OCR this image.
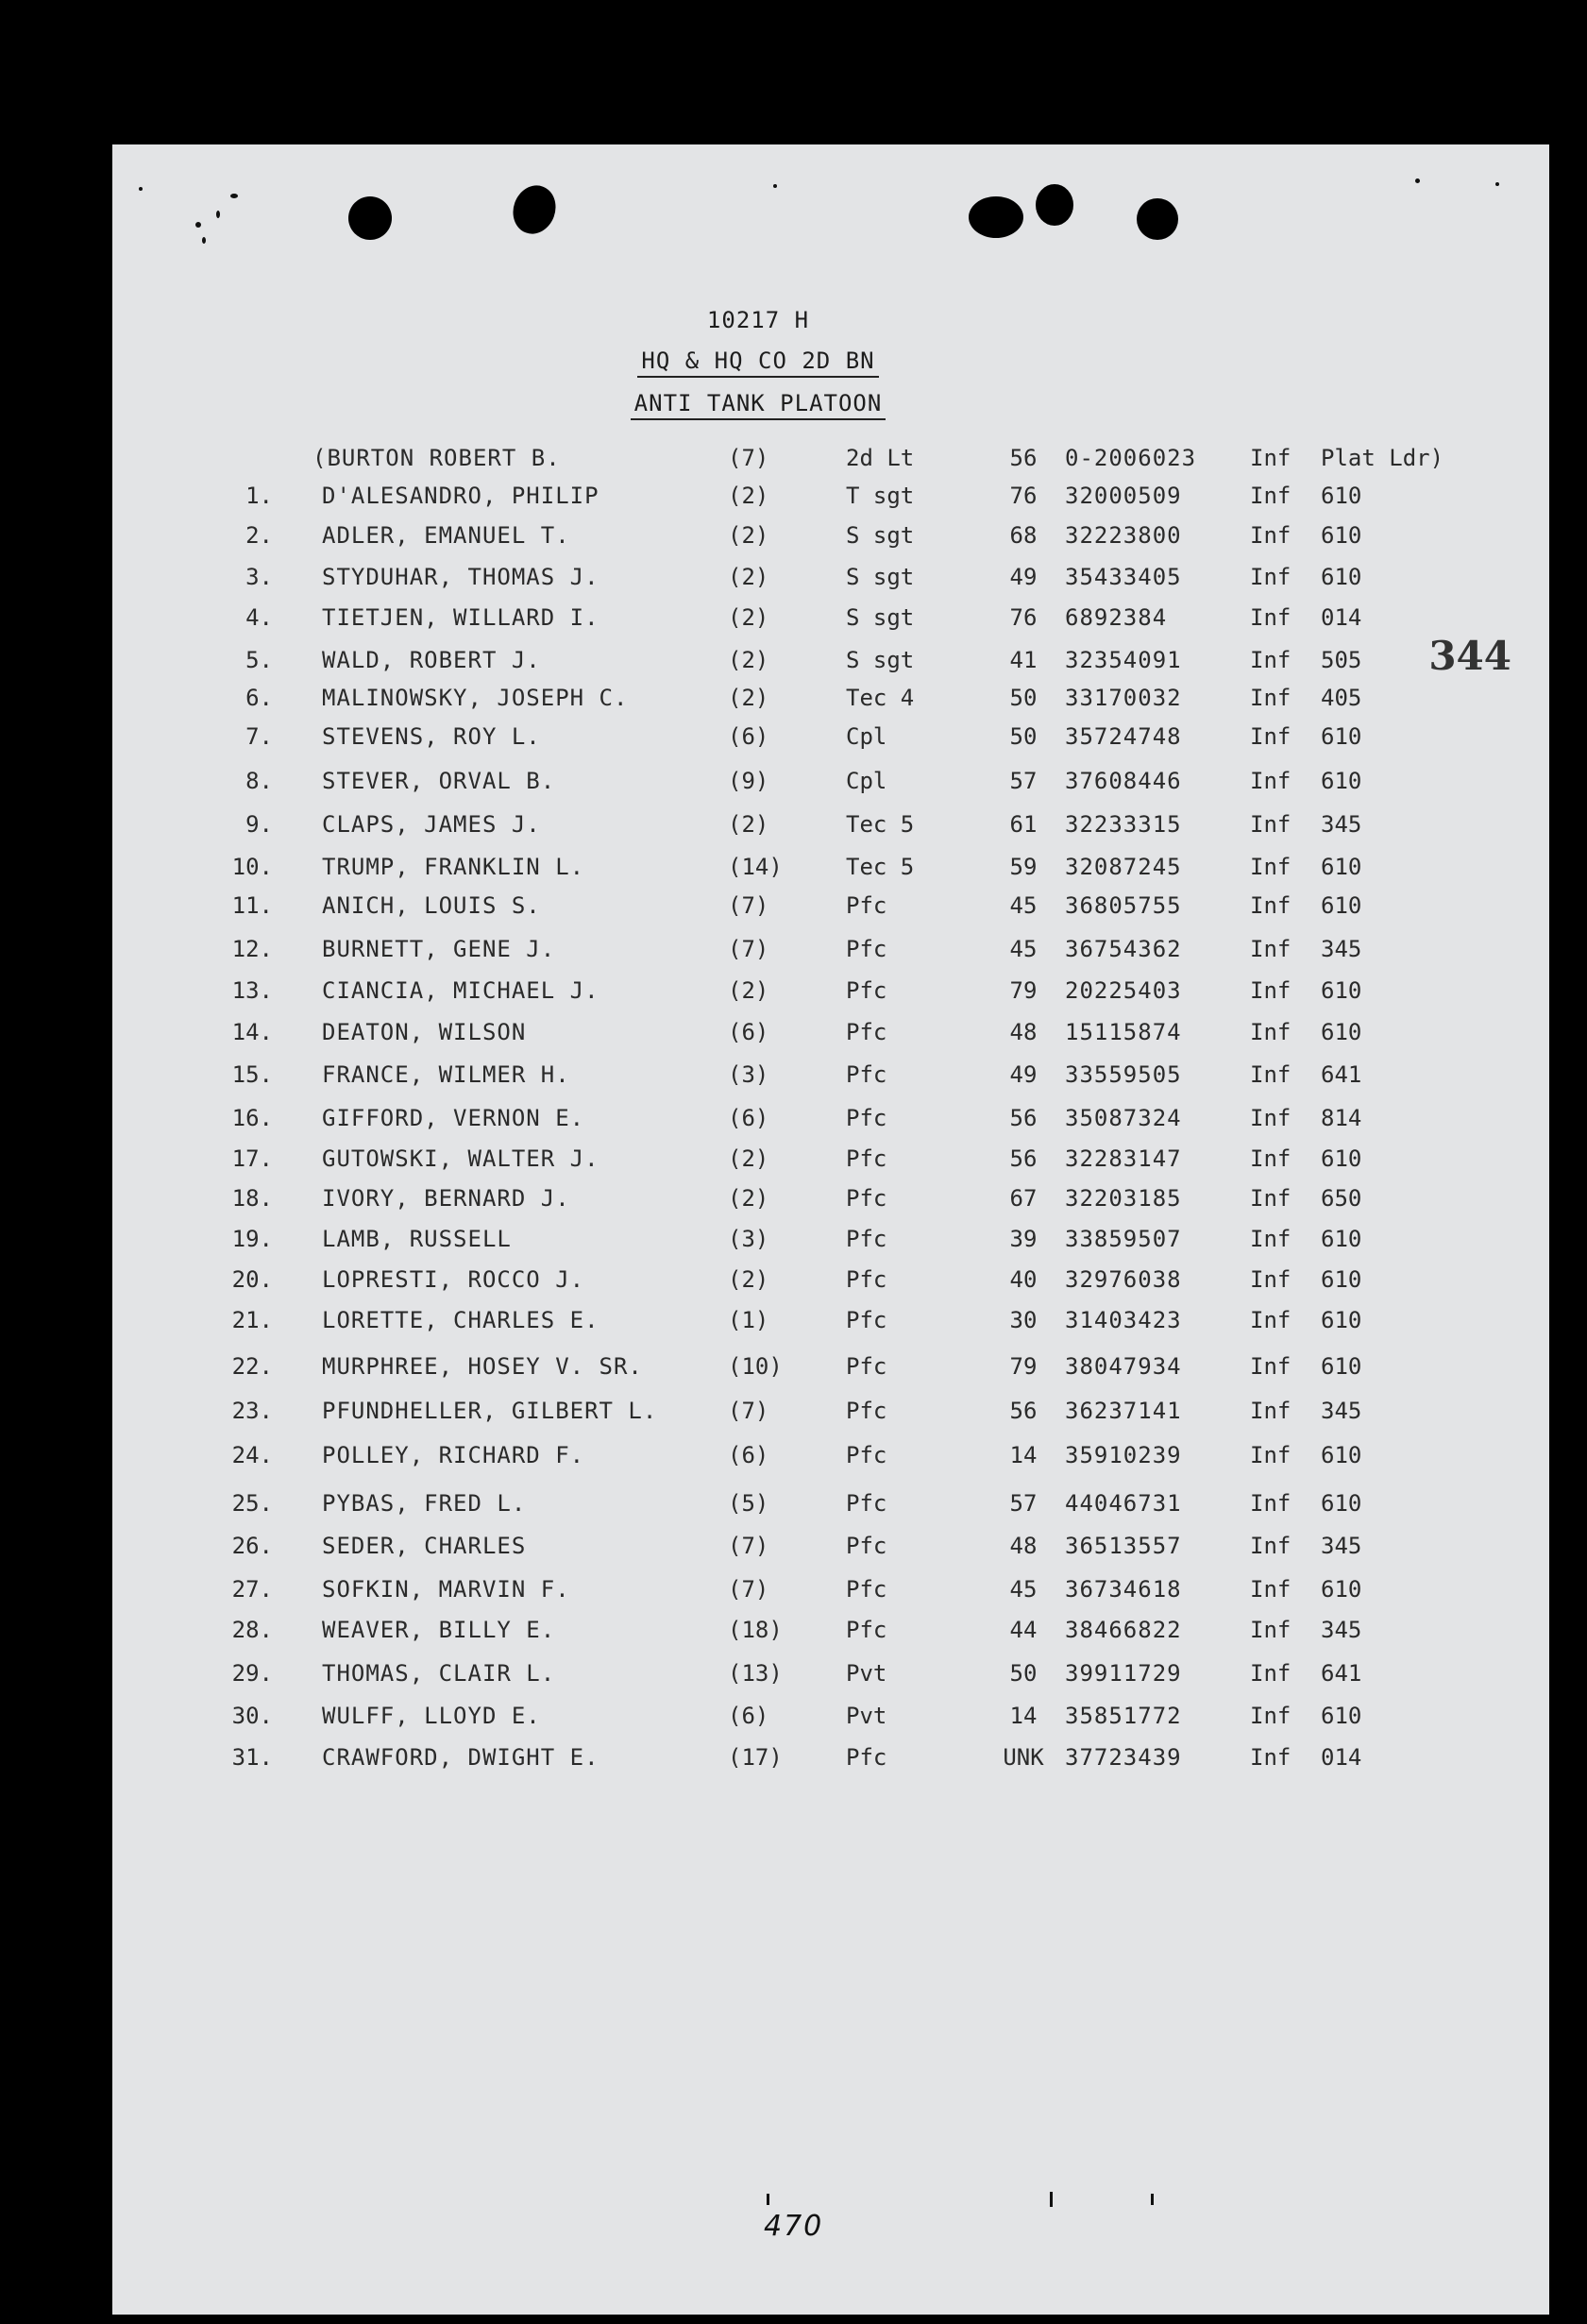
10217 H
HQ & HQ CO 2D BN
ANTI TANK PLATOON
(BURTON ROBERT B.	(7)	2d Lt	56	0-2006023 Inf Plat Ldr)
1. D'ALESANDRO, PHILIP	(2)	T sgt	76	32000509	Inf 610
2. ADLER, EMANUEL T.	(2)	S sgt	68	32223800	Inf 610
3. STYDUHAR, THOMAS J.	(2)	S sgt	49	35433405	Inf 610
4. TIETJEN, WILLARD I.	(2)	S sgt	76	6892384	Inf 014
5. WALD, ROBERT J.	(2)	S sgt	41	32354091	Inf 505
6. MALINOWSKY, JOSEPH C.	(2)	Tec 4	50	33170032	Inf 405
7. STEVENS, ROY L.	(6)	Cpl	50	35724748	Inf 610
8. STEVER, ORVAL B.	(9)	Cpl	57	37608446	Inf 610
9. CLAPS, JAMES J.	(2)	Tec 5	61	32233315	Inf 345
10. TRUMP, FRANKLIN L.	(14)	Tec 5	59	32087245	Inf 610
11. ANICH, LOUIS S.	(7)	Pfc	45	36805755	Inf 610
12. BURNETT, GENE J.	(7)	Pfc	45	36754362	Inf 345
13. CIANCIA, MICHAEL J.	(2)	Pfc	79	20225403	Inf 610
14. DEATON, WILSON	(6)	Pfc	48	15115874	Inf 610
15. FRANCE, WILMER H.	(3)	Pfc	49	33559505	Inf 641
16. GIFFORD, VERNON E.	(6)	Pfc	56	35087324	Inf 814
17. GUTOWSKI, WALTER J.	(2)	Pfc	56	32283147	Inf 610
18. IVORY, BERNARD J.	(2)	Pfc	67	32203185	Inf 650
19. LAMB, RUSSELL	(3)	Pfc	39	33859507	Inf 610
20. LOPRESTI, ROCCO J.	(2)	Pfc	40	32976038	Inf 610
21. LORETTE, CHARLES E.	(1)	Pfc	30	31403423	Inf 610
22. MURPHREE, HOSEY V. SR.	(10)	Pfc	79	38047934	Inf 610
23. PFUNDHELLER, GILBERT L.	(7)	Pfc	56	36237141	Inf 345
24. POLLEY, RICHARD F.	(6)	Pfc	14	35910239	Inf 610
25. PYBAS, FRED L.	(5)	Pfc	57	44046731	Inf 610
26. SEDER, CHARLES	(7)	Pfc	48	36513557	Inf 345
27. SOFKIN, MARVIN F.	(7)	Pfc	45	36734618	Inf 610
28. WEAVER, BILLY E.	(18)	Pfc	44	38466822	Inf 345
29. THOMAS, CLAIR L.	(13)	Pvt	50	39911729	Inf 641
30. WULFF, LLOYD E.	(6)	Pvt	14	35851772	Inf 610
31. CRAWFORD, DWIGHT E.	(17)	Pfc	UNK 37723439	Inf 014
344
470
